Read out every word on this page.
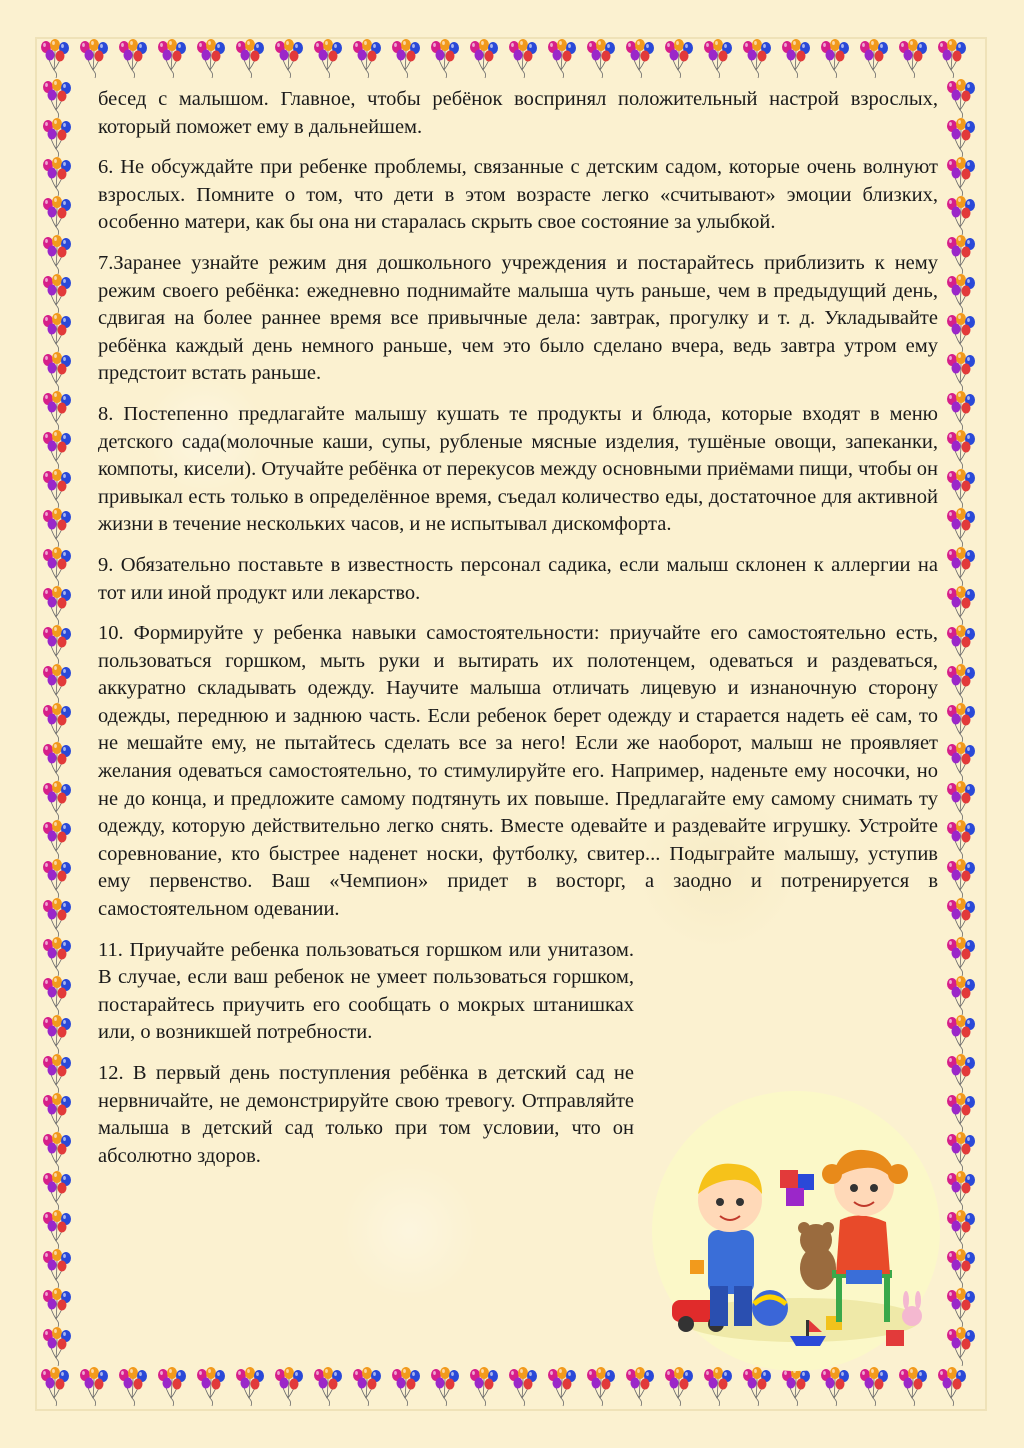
бесед с малышом. Главное, чтобы ребёнок воспринял положительный настрой взрослых, который поможет ему в дальнейшем.

6. Не обсуждайте при ребенке проблемы, связанные с детским садом, которые очень волнуют взрослых. Помните о том, что дети в этом возрасте легко «считывают» эмоции близких, особенно матери, как бы она ни старалась скрыть свое состояние за улыбкой.

7.Заранее узнайте режим дня дошкольного учреждения и постарайтесь приблизить к нему режим своего ребёнка: ежедневно поднимайте малыша чуть раньше, чем в предыдущий день, сдвигая на более раннее время все привычные дела: завтрак, прогулку и т. д. Укладывайте ребёнка каждый день немного раньше, чем это было сделано вчера, ведь завтра утром ему предстоит встать раньше.

8. Постепенно предлагайте малышу кушать те продукты и блюда, которые входят в меню детского сада(молочные каши, супы, рубленые мясные изделия, тушёные овощи, запеканки, компоты, кисели). Отучайте ребёнка от перекусов между основными приёмами пищи, чтобы он привыкал есть только в определённое время, съедал количество еды, достаточное для активной жизни в течение нескольких часов, и не испытывал дискомфорта.

9. Обязательно поставьте в известность персонал садика, если малыш склонен к аллергии на тот или иной продукт или лекарство.

10. Формируйте у ребенка навыки самостоятельности: приучайте его самостоятельно есть, пользоваться горшком, мыть руки и вытирать их полотенцем, одеваться и раздеваться, аккуратно складывать одежду. Научите малыша отличать лицевую и изнаночную сторону одежды, переднюю и заднюю часть. Если ребенок берет одежду и старается надеть её сам, то не мешайте ему, не пытайтесь сделать все за него! Если же наоборот, малыш не проявляет желания одеваться самостоятельно, то стимулируйте его. Например, наденьте ему носочки, но не до конца, и предложите самому подтянуть их повыше. Предлагайте ему самому снимать ту одежду, которую действительно легко снять. Вместе одевайте и раздевайте игрушку. Устройте соревнование, кто быстрее наденет носки, футболку, свитер... Подыграйте малышу, уступив ему первенство. Ваш «Чемпион» придет в восторг, а заодно и потренируется в самостоятельном одевании.

11. Приучайте ребенка пользоваться горшком или унитазом. В случае, если ваш ребенок не умеет пользоваться горшком, постарайтесь приучить его сообщать о мокрых штанишках или, о возникшей потребности.

12. В первый день поступления ребёнка в детский сад не нервничайте, не демонстрируйте свою тревогу. Отправляйте малыша в детский сад только при том условии, что он абсолютно здоров.
